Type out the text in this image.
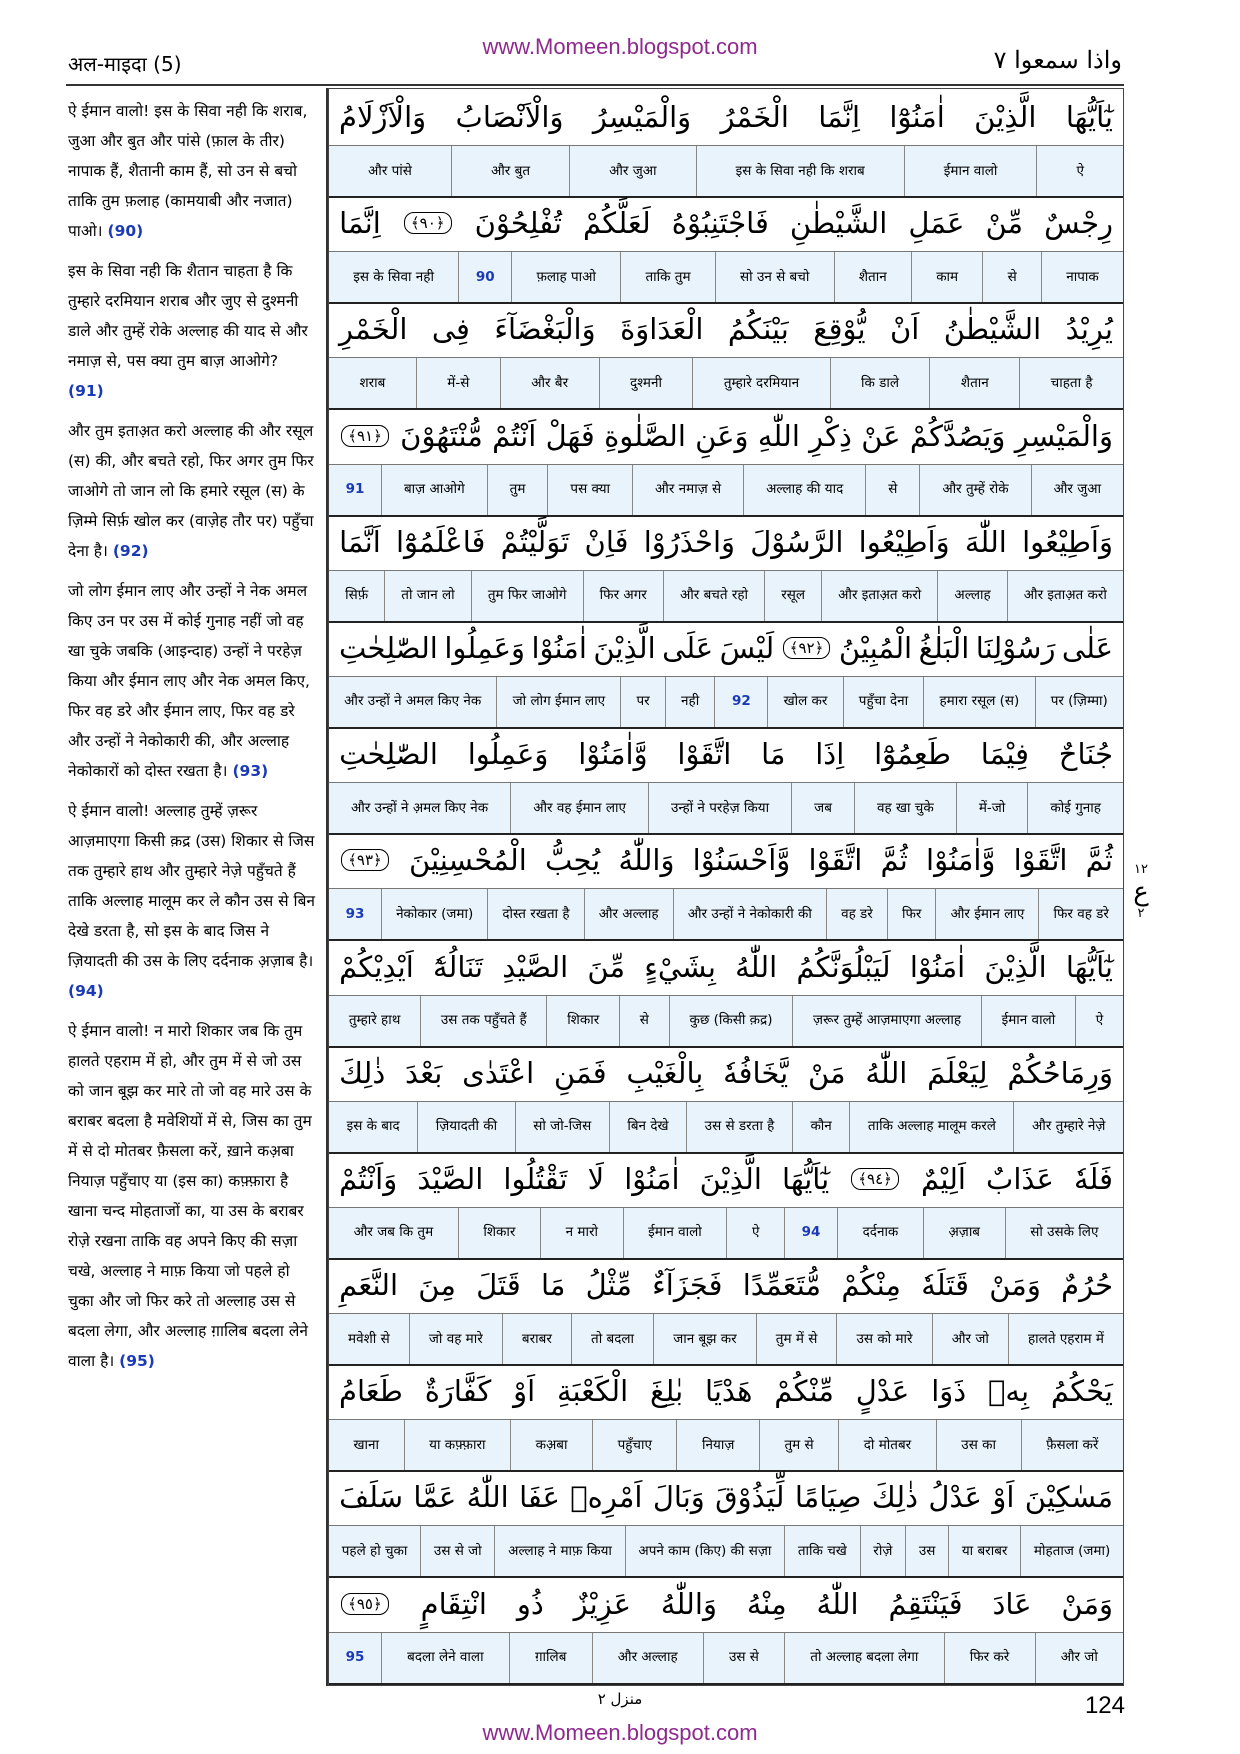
www.Momeen.blogspot.com
अल-माइदा (5)	واذا سمعوا ٧

ऐ ईमान वालो! इस के सिवा नही कि शराब, जुआ और बुत और पांसे (फ़ाल के तीर) नापाक हैं, शैतानी काम हैं, सो उन से बचो ताकि तुम फ़लाह (कामयाबी और नजात) पाओ। (90)

इस के सिवा नही कि शैतान चाहता है कि तुम्हारे दरमियान शराब और जुए से दुश्मनी डाले और तुम्हें रोके अल्लाह की याद से और नमाज़ से, पस क्या तुम बाज़ आओगे? (91)

और तुम इताअ़त करो अल्लाह की और रसूल (स) की, और बचते रहो, फिर अगर तुम फिर जाओगे तो जान लो कि हमारे रसूल (स) के ज़िम्मे सिर्फ़ खोल कर (वाज़ेह तौर पर) पहुँचा देना है। (92)

जो लोग ईमान लाए और उन्हों ने नेक अमल किए उन पर उस में कोई गुनाह नहीं जो वह खा चुके जबकि (आइन्दाह) उन्हों ने परहेज़ किया और ईमान लाए और नेक अमल किए, फिर वह डरे और ईमान लाए, फिर वह डरे और उन्हों ने नेकोकारी की, और अल्लाह नेकोकारों को दोस्त रखता है। (93)

ऐ ईमान वालो! अल्लाह तुम्हें ज़रूर आज़माएगा किसी क़द्र (उस) शिकार से जिस तक तुम्हारे हाथ और तुम्हारे नेज़े पहुँचते हैं ताकि अल्लाह मालूम कर ले कौन उस से बिन देखे डरता है, सो इस के बाद जिस ने ज़ियादती की उस के लिए दर्दनाक अ़ज़ाब है। (94)

ऐ ईमान वालो! न मारो शिकार जब कि तुम हालते एहराम में हो, और तुम में से जो उस को जान बूझ कर मारे तो जो वह मारे उस के बराबर बदला है मवेशियों में से, जिस का तुम में से दो मोतबर फ़ैसला करें, ख़ाने कअ़बा नियाज़ पहुँचाए या (इस का) कफ़्फ़ारा है खाना चन्द मोहताजों का, या उस के बराबर रोज़े रखना ताकि वह अपने किए की सज़ा चखे, अल्लाह ने माफ़ किया जो पहले हो चुका और जो फिर करे तो अल्लाह उस से बदला लेगा, और अल्लाह ग़ालिब बदला लेने वाला है। (95)

يٰٓاَيُّهَا
الَّذِيْنَ
اٰمَنُوْٓا
اِنَّمَا
الْخَمْرُ
وَالْمَيْسِرُ
وَالْاَنْصَابُ
وَالْاَزْلَامُ
ऐ
ईमान वालो
इस के सिवा नही कि शराब
और जुआ
और बुत
और पांसे
رِجْسٌ
مِّنْ
عَمَلِ
الشَّيْطٰنِ
فَاجْتَنِبُوْهُ
لَعَلَّكُمْ
تُفْلِحُوْنَ
﴿٩٠﴾
اِنَّمَا
नापाक
से
काम
शैतान
सो उन से बचो
ताकि तुम
फ़लाह पाओ
90
इस के सिवा नही
يُرِيْدُ
الشَّيْطٰنُ
اَنْ
يُّوْقِعَ
بَيْنَكُمُ
الْعَدَاوَةَ
وَالْبَغْضَآءَ
فِى
الْخَمْرِ
चाहता है
शैतान
कि डाले
तुम्हारे दरमियान
दुश्मनी
और बैर
में-से
शराब
وَالْمَيْسِرِ
وَيَصُدَّكُمْ
عَنْ
ذِكْرِ
اللّٰهِ
وَعَنِ
الصَّلٰوةِ
فَهَلْ
اَنْتُمْ
مُّنْتَهُوْنَ
﴿٩١﴾
और जुआ
और तुम्हें रोके
से
अल्लाह की याद
और नमाज़ से
पस क्या
तुम
बाज़ आओगे
91
وَاَطِيْعُوا
اللّٰهَ
وَاَطِيْعُوا
الرَّسُوْلَ
وَاحْذَرُوْا
فَاِنْ
تَوَلَّيْتُمْ
فَاعْلَمُوْٓا
اَنَّمَا
और इताअ़त करो
अल्लाह
और इताअ़त करो
रसूल
और बचते रहो
फिर अगर
तुम फिर जाओगे
तो जान लो
सिर्फ़
عَلٰى
رَسُوْلِنَا
الْبَلٰغُ
الْمُبِيْنُ
﴿٩٢﴾
لَيْسَ
عَلَى
الَّذِيْنَ
اٰمَنُوْا
وَعَمِلُوا
الصّٰلِحٰتِ
पर (ज़िम्मा)
हमारा रसूल (स)
पहुँचा देना
खोल कर
92
नही
पर
जो लोग ईमान लाए
और उन्हों ने अमल किए नेक
جُنَاحٌ
فِيْمَا
طَعِمُوْٓا
اِذَا
مَا
اتَّقَوْا
وَّاٰمَنُوْا
وَعَمِلُوا
الصّٰلِحٰتِ
कोई गुनाह
में-जो
वह खा चुके
जब
उन्हों ने परहेज़ किया
और वह ईमान लाए
और उन्हों ने अ़मल किए नेक
ثُمَّ
اتَّقَوْا
وَّاٰمَنُوْا
ثُمَّ
اتَّقَوْا
وَّاَحْسَنُوْا
وَاللّٰهُ
يُحِبُّ
الْمُحْسِنِيْنَ
﴿٩٣﴾
फिर वह डरे
और ईमान लाए
फिर
वह डरे
और उन्हों ने नेकोकारी की
और अल्लाह
दोस्त रखता है
नेकोकार (जमा)
93
يٰٓاَيُّهَا
الَّذِيْنَ
اٰمَنُوْا
لَيَبْلُوَنَّكُمُ
اللّٰهُ
بِشَيْءٍ
مِّنَ
الصَّيْدِ
تَنَالُهٗٓ
اَيْدِيْكُمْ
ऐ
ईमान वालो
ज़रूर तुम्हें आज़माएगा अल्लाह
कुछ (किसी क़द्र)
से
शिकार
उस तक पहुँचते हैं
तुम्हारे हाथ
وَرِمَاحُكُمْ
لِيَعْلَمَ
اللّٰهُ
مَنْ
يَّخَافُهٗ
بِالْغَيْبِ
فَمَنِ
اعْتَدٰى
بَعْدَ
ذٰلِكَ
और तुम्हारे नेज़े
ताकि अल्लाह मालूम करले
कौन
उस से डरता है
बिन देखे
सो जो-जिस
ज़ियादती की
इस के बाद
فَلَهٗ
عَذَابٌ
اَلِيْمٌ
﴿٩٤﴾
يٰٓاَيُّهَا
الَّذِيْنَ
اٰمَنُوْا
لَا
تَقْتُلُوا
الصَّيْدَ
وَاَنْتُمْ
सो उसके लिए
अ़ज़ाब
दर्दनाक
94
ऐ
ईमान वालो
न मारो
शिकार
और जब कि तुम
حُرُمٌ
وَمَنْ
قَتَلَهٗ
مِنْكُمْ
مُّتَعَمِّدًا
فَجَزَآءٌ
مِّثْلُ
مَا
قَتَلَ
مِنَ
النَّعَمِ
हालते एहराम में
और जो
उस को मारे
तुम में से
जान बूझ कर
तो बदला
बराबर
जो वह मारे
मवेशी से
يَحْكُمُ
بِهٖ
ذَوَا
عَدْلٍ
مِّنْكُمْ
هَدْيًا
بٰلِغَ
الْكَعْبَةِ
اَوْ
كَفَّارَةٌ
طَعَامُ
फ़ैसला करें
उस का
दो मोतबर
तुम से
नियाज़
पहुँचाए
कअ़बा
या कफ़्फ़ारा
खाना
مَسٰكِيْنَ
اَوْ
عَدْلُ
ذٰلِكَ
صِيَامًا
لِّيَذُوْقَ
وَبَالَ
اَمْرِهٖ
عَفَا
اللّٰهُ
عَمَّا
سَلَفَ
मोहताज (जमा)
या बराबर
उस
रोज़े
ताकि चखे
अपने काम (किए) की सज़ा
अल्लाह ने माफ़ किया
उस से जो
पहले हो चुका
وَمَنْ
عَادَ
فَيَنْتَقِمُ
اللّٰهُ
مِنْهُ
وَاللّٰهُ
عَزِيْزٌ
ذُو
انْتِقَامٍ
﴿٩٥﴾
और जो
फिर करे
तो अल्लाह बदला लेगा
उस से
और अल्लाह
ग़ालिब
बदला लेने वाला
95
١٢
ع
٢
منزل ٢	124
www.Momeen.blogspot.com
